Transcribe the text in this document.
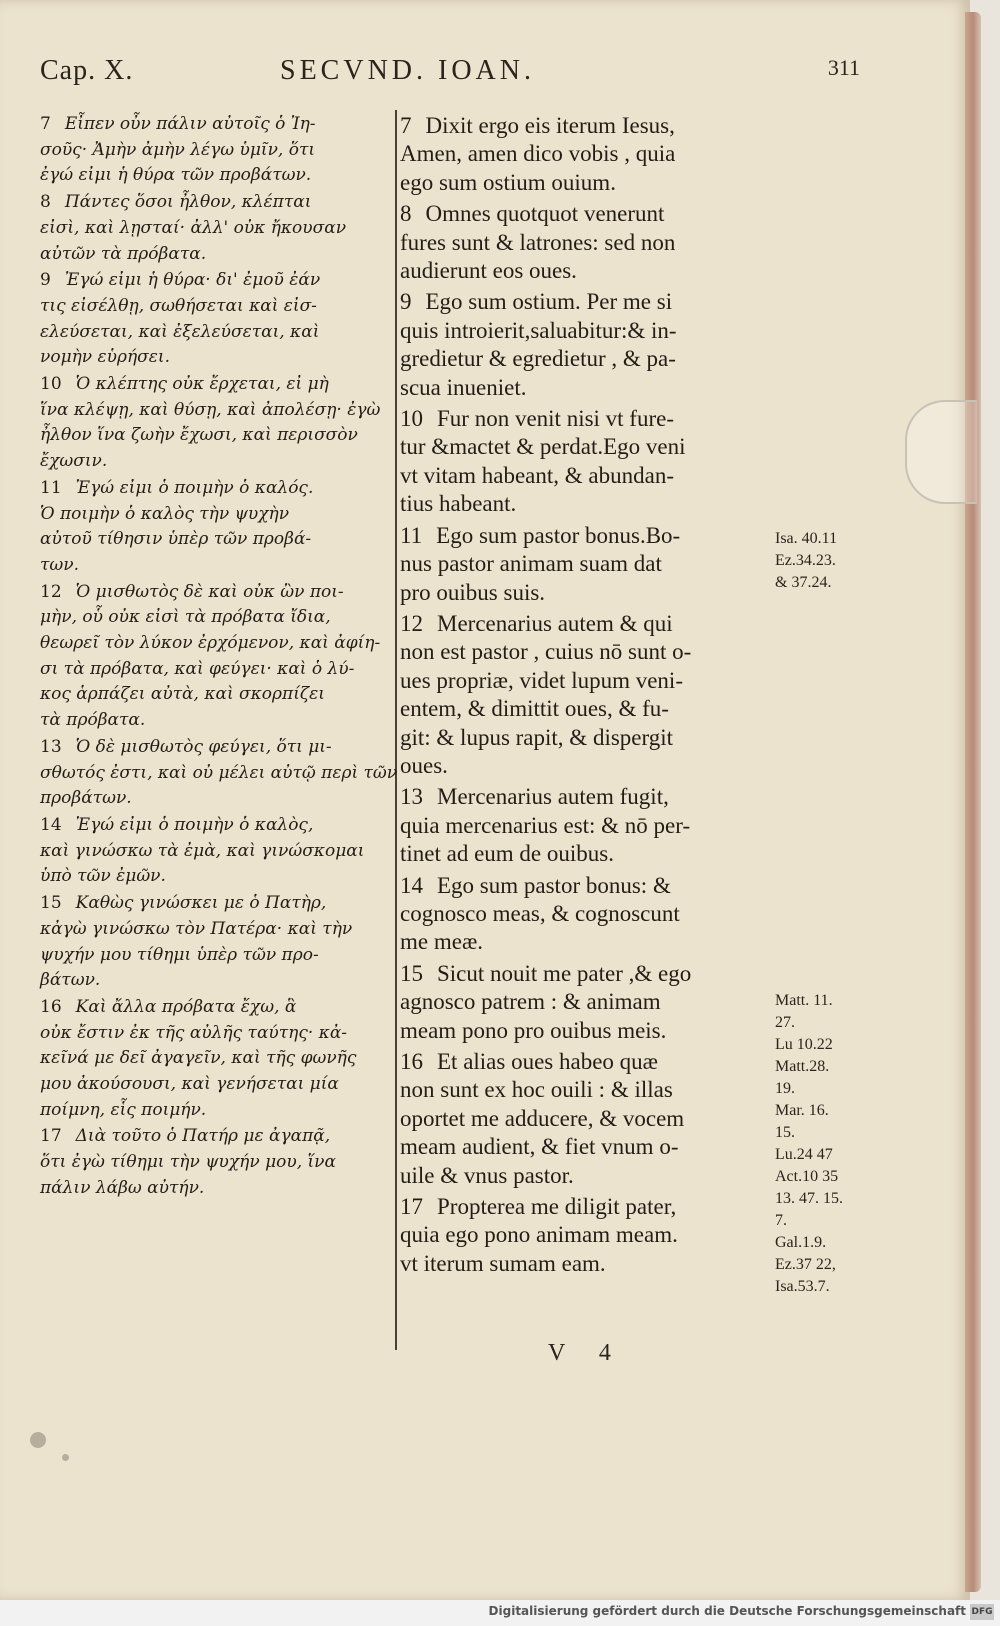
Cap. X.	SECVND. IOAN.	311
7 Εἶπεν οὖν πάλιν αὐτοῖς ὁ Ἰη-
σοῦς· Ἀμὴν ἀμὴν λέγω ὑμῖν, ὅτι
ἐγώ εἰμι ἡ θύρα τῶν προβάτων.
8 Πάντες ὅσοι ἦλθον, κλέπται
εἰσὶ, καὶ λῃσταί· ἀλλ' οὐκ ἤκουσαν
αὐτῶν τὰ πρόβατα.
9 Ἐγώ εἰμι ἡ θύρα· δι' ἐμοῦ ἐάν
τις εἰσέλθῃ, σωθήσεται καὶ εἰσ-
ελεύσεται, καὶ ἐξελεύσεται, καὶ
νομὴν εὑρήσει.
10 Ὁ κλέπτης οὐκ ἔρχεται, εἰ μὴ
ἵνα κλέψῃ, καὶ θύσῃ, καὶ ἀπολέσῃ· ἐγὼ
ἦλθον ἵνα ζωὴν ἔχωσι, καὶ περισσὸν
ἔχωσιν.
11 Ἐγώ εἰμι ὁ ποιμὴν ὁ καλός.
Ὁ ποιμὴν ὁ καλὸς τὴν ψυχὴν
αὐτοῦ τίθησιν ὑπὲρ τῶν προβά-
των.
12 Ὁ μισθωτὸς δὲ καὶ οὐκ ὢν ποι-
μὴν, οὗ οὐκ εἰσὶ τὰ πρόβατα ἴδια,
θεωρεῖ τὸν λύκον ἐρχόμενον, καὶ ἀφίη-
σι τὰ πρόβατα, καὶ φεύγει· καὶ ὁ λύ-
κος ἁρπάζει αὐτὰ, καὶ σκορπίζει
τὰ πρόβατα.
13 Ὁ δὲ μισθωτὸς φεύγει, ὅτι μι-
σθωτός ἐστι, καὶ οὐ μέλει αὐτῷ περὶ τῶν
προβάτων.
14 Ἐγώ εἰμι ὁ ποιμὴν ὁ καλὸς,
καὶ γινώσκω τὰ ἐμὰ, καὶ γινώσκομαι
ὑπὸ τῶν ἐμῶν.
15 Καθὼς γινώσκει με ὁ Πατὴρ,
κἀγὼ γινώσκω τὸν Πατέρα· καὶ τὴν
ψυχήν μου τίθημι ὑπὲρ τῶν προ-
βάτων.
16 Καὶ ἄλλα πρόβατα ἔχω, ἃ
οὐκ ἔστιν ἐκ τῆς αὐλῆς ταύτης· κἀ-
κεῖνά με δεῖ ἀγαγεῖν, καὶ τῆς φωνῆς
μου ἀκούσουσι, καὶ γενήσεται μία
ποίμνη, εἷς ποιμήν.
17 Διὰ τοῦτο ὁ Πατήρ με ἀγαπᾷ,
ὅτι ἐγὼ τίθημι τὴν ψυχήν μου, ἵνα
πάλιν λάβω αὐτήν.
7 Dixit ergo eis iterum Iesus,
Amen, amen dico vobis , quia
ego sum ostium ouium.
8 Omnes quotquot venerunt
fures sunt & latrones: sed non
audierunt eos oues.
9 Ego sum ostium. Per me si
quis introierit,saluabitur:& in-
gredietur & egredietur , & pa-
scua inueniet.
10 Fur non venit nisi vt fure-
tur &mactet & perdat.Ego veni
vt vitam habeant, & abundan-
tius habeant.
11 Ego sum pastor bonus.Bo-
nus pastor animam suam dat
pro ouibus suis.
12 Mercenarius autem & qui
non est pastor , cuius nō sunt o-
ues propriæ, videt lupum veni-
entem, & dimittit oues, & fu-
git: & lupus rapit, & dispergit
oues.
13 Mercenarius autem fugit,
quia mercenarius est: & nō per-
tinet ad eum de ouibus.
14 Ego sum pastor bonus: &
cognosco meas, & cognoscunt
me meæ.
15 Sicut nouit me pater ,& ego
agnosco patrem : & animam
meam pono pro ouibus meis.
16 Et alias oues habeo quæ
non sunt ex hoc ouili : & illas
oportet me adducere, & vocem
meam audient, & fiet vnum o-
uile & vnus pastor.
17 Propterea me diligit pater,
quia ego pono animam meam.
vt iterum sumam eam.
Isa. 40.11
Ez.34.23.
& 37.24.

Matt. 11.
27.
Lu 10.22
Matt.28.
19.
Mar. 16.
15.
Lu.24 47
Act.10 35
13. 47. 15.
7.
Gal.1.9.
Ez.37 22,
Isa.53.7.
V 4
Digitalisierung gefördert durch die Deutsche Forschungsgemeinschaft DFG
